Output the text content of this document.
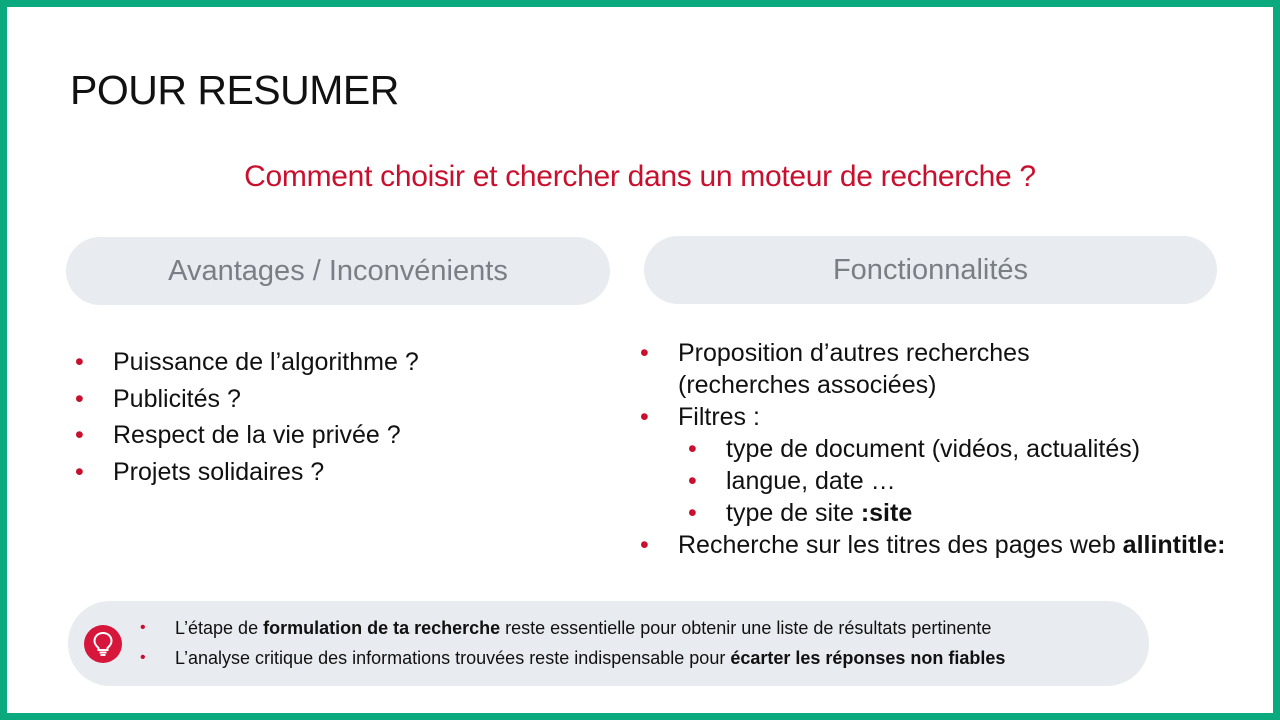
POUR RESUMER
Comment choisir et chercher dans un moteur de recherche ?
Avantages / Inconvénients	Fonctionnalités
• Puissance de l’algorithme ?
• Publicités ?
• Respect de la vie privée ?
• Projets solidaires ?
• Proposition d’autres recherches (recherches associées)
• Filtres :
• type de document (vidéos, actualités)
• langue, date …
• type de site :site
• Recherche sur les titres des pages web allintitle:
• L’étape de formulation de ta recherche reste essentielle pour obtenir une liste de résultats pertinente
• L’analyse critique des informations trouvées reste indispensable pour écarter les réponses non fiables
